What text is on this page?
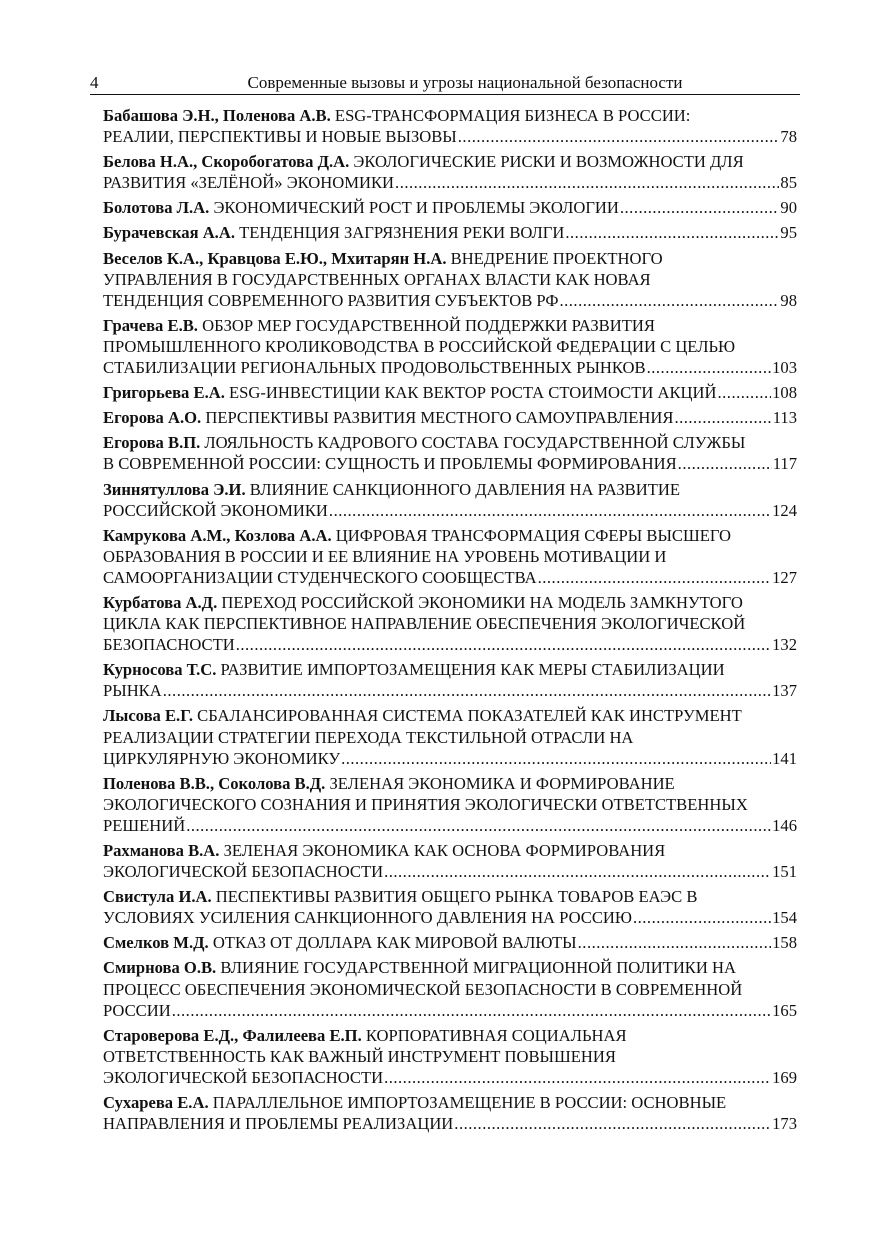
4	Современные вызовы и угрозы национальной безопасности
Бабашова Э.Н., Поленова А.В. ESG-ТРАНСФОРМАЦИЯ БИЗНЕСА В РОССИИ:
РЕАЛИИ, ПЕРСПЕКТИВЫ И НОВЫЕ ВЫЗОВЫ .....	78
Белова Н.А., Скоробогатова Д.А. ЭКОЛОГИЧЕСКИЕ РИСКИ И ВОЗМОЖНОСТИ ДЛЯ
РАЗВИТИЯ «ЗЕЛЁНОЙ» ЭКОНОМИКИ .....	85
Болотова Л.А. ЭКОНОМИЧЕСКИЙ РОСТ И ПРОБЛЕМЫ ЭКОЛОГИИ .....	90
Бурачевская А.А. ТЕНДЕНЦИЯ ЗАГРЯЗНЕНИЯ РЕКИ ВОЛГИ .....	95
Веселов К.А., Кравцова Е.Ю., Мхитарян Н.А. ВНЕДРЕНИЕ ПРОЕКТНОГО
УПРАВЛЕНИЯ В ГОСУДАРСТВЕННЫХ ОРГАНАХ ВЛАСТИ КАК НОВАЯ
ТЕНДЕНЦИЯ СОВРЕМЕННОГО РАЗВИТИЯ СУБЪЕКТОВ РФ .....	98
Грачева Е.В. ОБЗОР МЕР ГОСУДАРСТВЕННОЙ ПОДДЕРЖКИ РАЗВИТИЯ
ПРОМЫШЛЕННОГО КРОЛИКОВОДСТВА В РОССИЙСКОЙ ФЕДЕРАЦИИ С ЦЕЛЬЮ
СТАБИЛИЗАЦИИ РЕГИОНАЛЬНЫХ ПРОДОВОЛЬСТВЕННЫХ РЫНКОВ .....	103
Григорьева Е.А. ESG-ИНВЕСТИЦИИ КАК ВЕКТОР РОСТА СТОИМОСТИ АКЦИЙ .....	108
Егорова А.О. ПЕРСПЕКТИВЫ РАЗВИТИЯ МЕСТНОГО САМОУПРАВЛЕНИЯ .....	113
Егорова В.П. ЛОЯЛЬНОСТЬ КАДРОВОГО СОСТАВА ГОСУДАРСТВЕННОЙ СЛУЖБЫ
В СОВРЕМЕННОЙ РОССИИ: СУЩНОСТЬ И ПРОБЛЕМЫ ФОРМИРОВАНИЯ .....	117
Зиннятуллова Э.И. ВЛИЯНИЕ САНКЦИОННОГО ДАВЛЕНИЯ НА РАЗВИТИЕ
РОССИЙСКОЙ ЭКОНОМИКИ .....	124
Камрукова А.М., Козлова А.А. ЦИФРОВАЯ ТРАНСФОРМАЦИЯ СФЕРЫ ВЫСШЕГО
ОБРАЗОВАНИЯ В РОССИИ И ЕЕ ВЛИЯНИЕ НА УРОВЕНЬ МОТИВАЦИИ И
САМООРГАНИЗАЦИИ СТУДЕНЧЕСКОГО СООБЩЕСТВА .....	127
Курбатова А.Д. ПЕРЕХОД РОССИЙСКОЙ ЭКОНОМИКИ НА МОДЕЛЬ ЗАМКНУТОГО
ЦИКЛА КАК ПЕРСПЕКТИВНОЕ НАПРАВЛЕНИЕ ОБЕСПЕЧЕНИЯ ЭКОЛОГИЧЕСКОЙ
БЕЗОПАСНОСТИ .....	132
Курносова Т.С. РАЗВИТИЕ ИМПОРТОЗАМЕЩЕНИЯ КАК МЕРЫ СТАБИЛИЗАЦИИ
РЫНКА .....	137
Лысова Е.Г. СБАЛАНСИРОВАННАЯ СИСТЕМА ПОКАЗАТЕЛЕЙ КАК ИНСТРУМЕНТ
РЕАЛИЗАЦИИ СТРАТЕГИИ ПЕРЕХОДА ТЕКСТИЛЬНОЙ ОТРАСЛИ НА
ЦИРКУЛЯРНУЮ ЭКОНОМИКУ .....	141
Поленова В.В., Соколова В.Д. ЗЕЛЕНАЯ ЭКОНОМИКА И ФОРМИРОВАНИЕ
ЭКОЛОГИЧЕСКОГО СОЗНАНИЯ И ПРИНЯТИЯ ЭКОЛОГИЧЕСКИ ОТВЕТСТВЕННЫХ
РЕШЕНИЙ .....	146
Рахманова В.А. ЗЕЛЕНАЯ ЭКОНОМИКА КАК ОСНОВА ФОРМИРОВАНИЯ
ЭКОЛОГИЧЕСКОЙ БЕЗОПАСНОСТИ .....	151
Свистула И.А. ПЕСПЕКТИВЫ РАЗВИТИЯ ОБЩЕГО РЫНКА ТОВАРОВ ЕАЭС В
УСЛОВИЯХ УСИЛЕНИЯ САНКЦИОННОГО ДАВЛЕНИЯ НА РОССИЮ .....	154
Смелков М.Д. ОТКАЗ ОТ ДОЛЛАРА КАК МИРОВОЙ ВАЛЮТЫ .....	158
Смирнова О.В. ВЛИЯНИЕ ГОСУДАРСТВЕННОЙ МИГРАЦИОННОЙ ПОЛИТИКИ НА
ПРОЦЕСС ОБЕСПЕЧЕНИЯ ЭКОНОМИЧЕСКОЙ БЕЗОПАСНОСТИ В СОВРЕМЕННОЙ
РОССИИ .....	165
Староверова Е.Д., Фалилеева Е.П. КОРПОРАТИВНАЯ СОЦИАЛЬНАЯ
ОТВЕТСТВЕННОСТЬ КАК ВАЖНЫЙ ИНСТРУМЕНТ ПОВЫШЕНИЯ
ЭКОЛОГИЧЕСКОЙ БЕЗОПАСНОСТИ .....	169
Сухарева Е.А. ПАРАЛЛЕЛЬНОЕ ИМПОРТОЗАМЕЩЕНИЕ В РОССИИ: ОСНОВНЫЕ
НАПРАВЛЕНИЯ И ПРОБЛЕМЫ РЕАЛИЗАЦИИ .....	173
